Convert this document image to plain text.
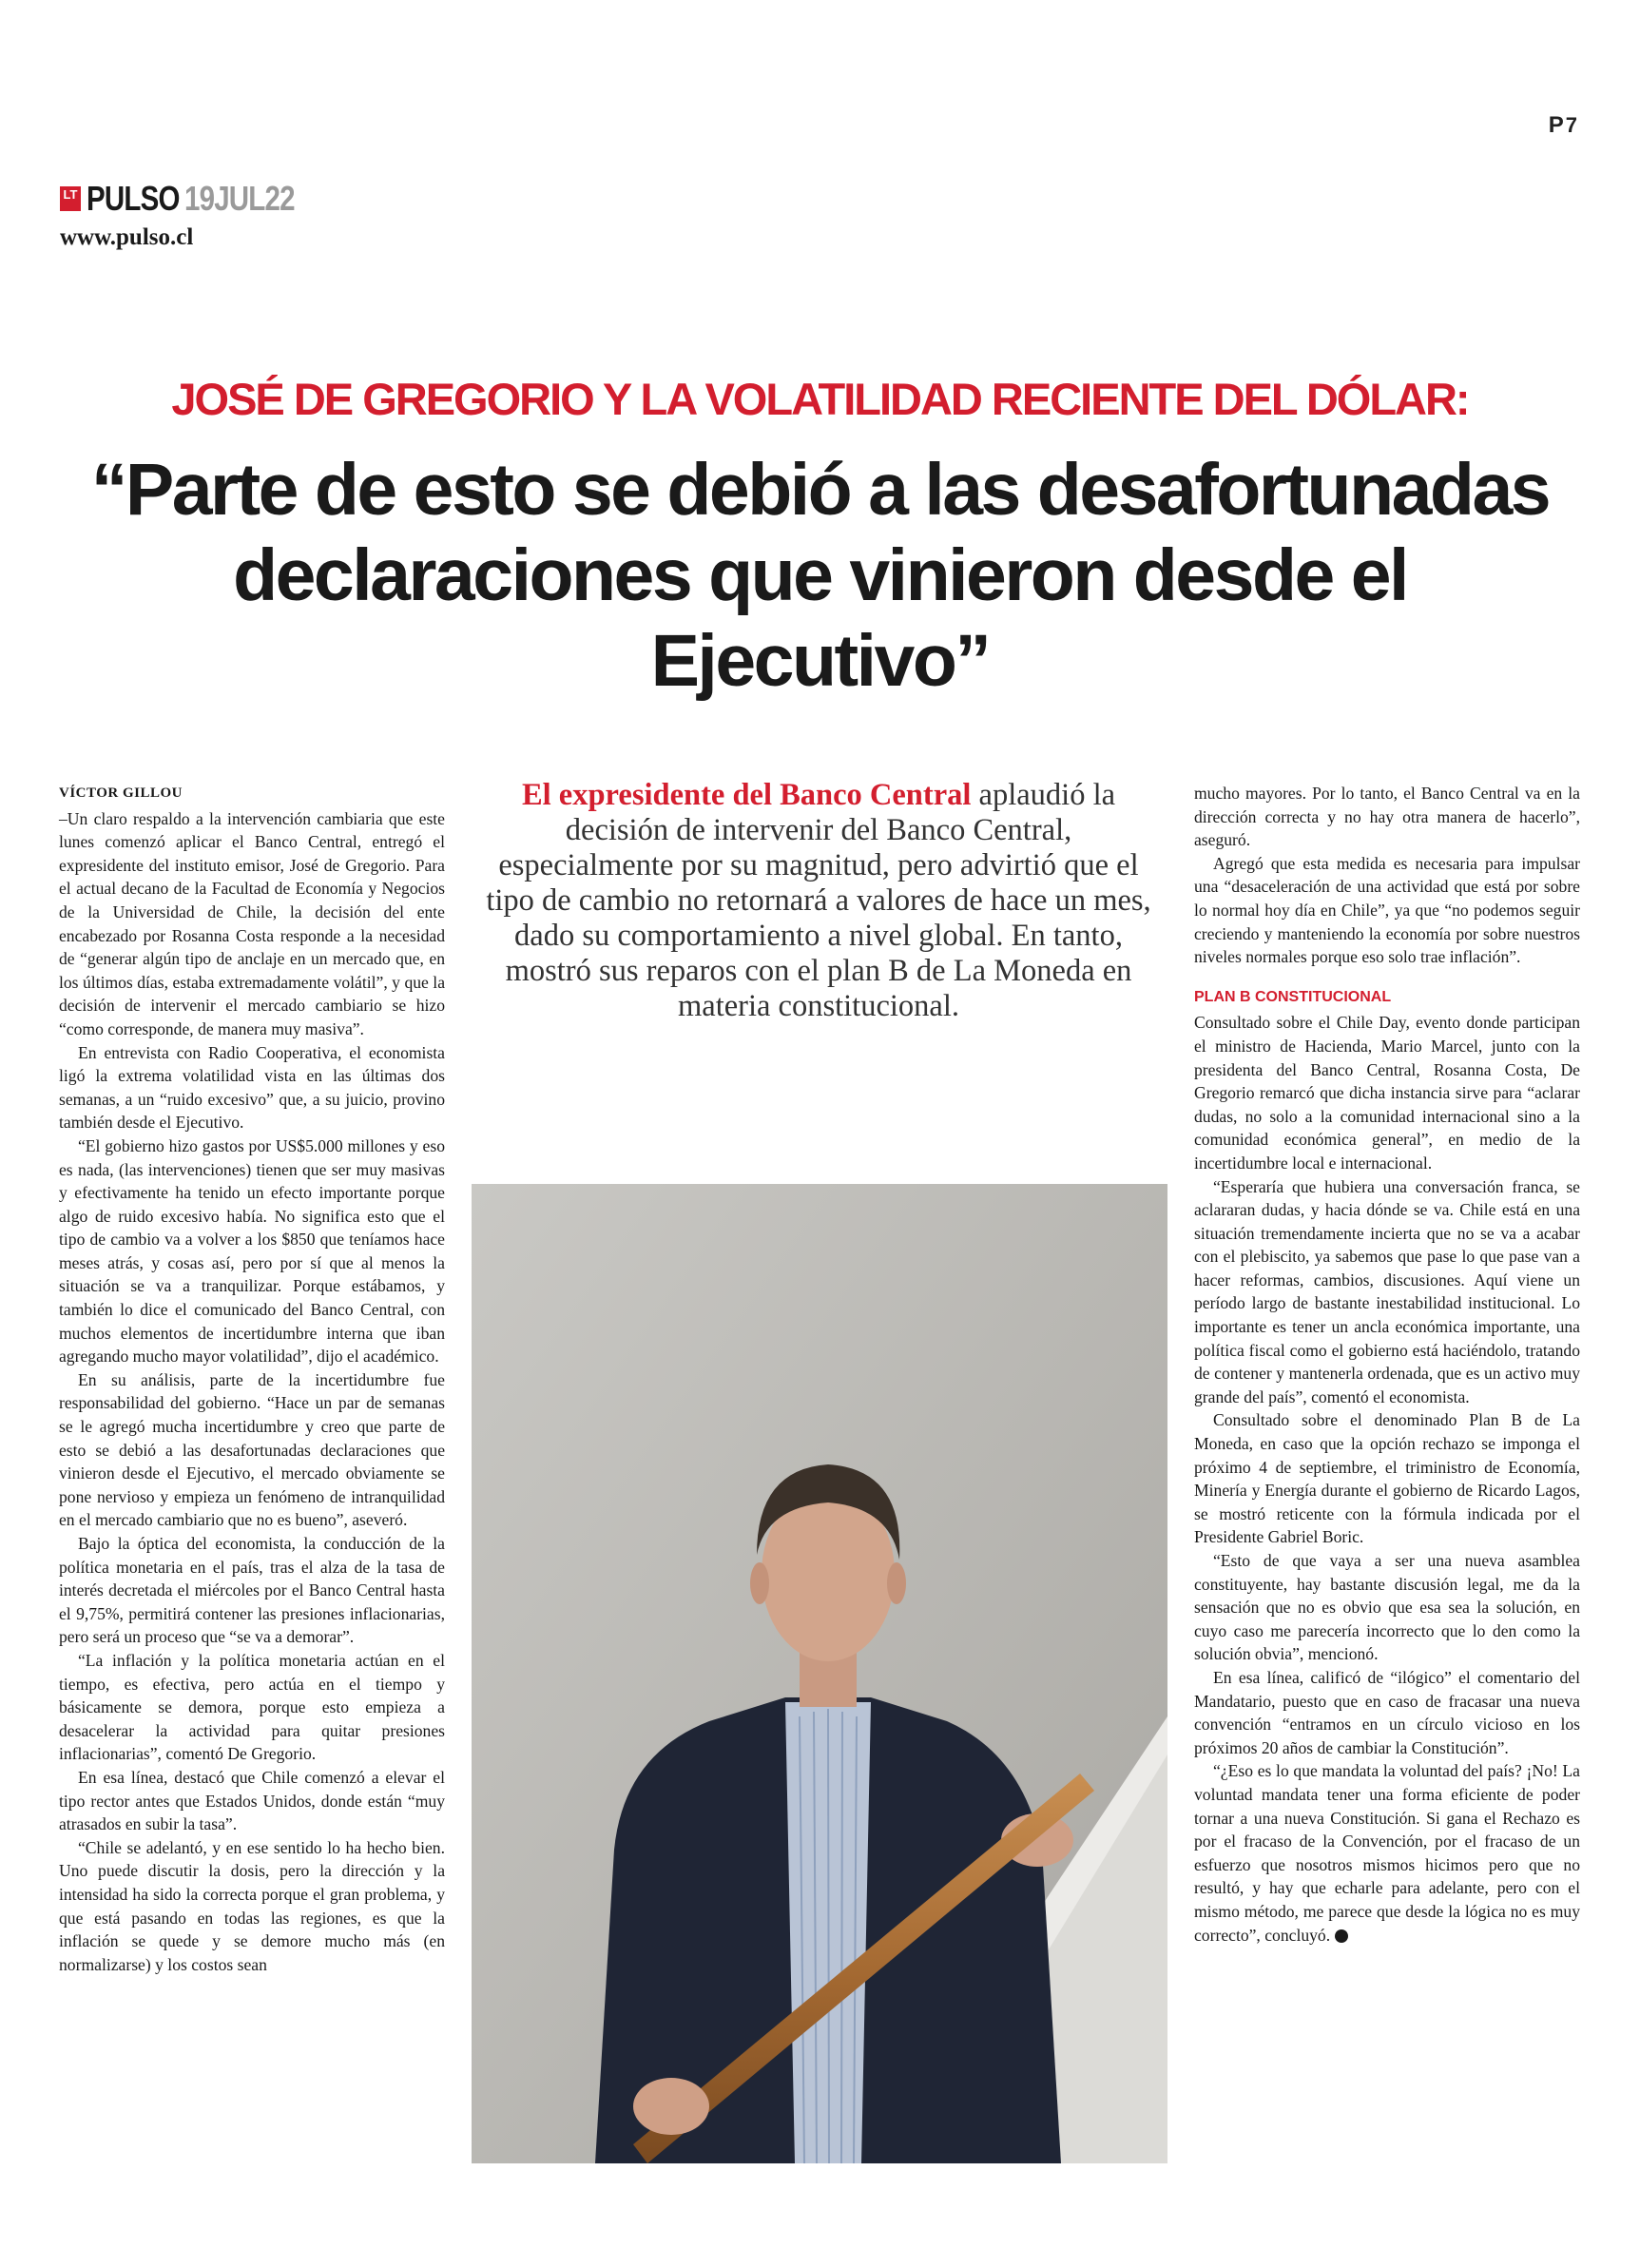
P7
LT PULSO 19JUL22
www.pulso.cl
JOSÉ DE GREGORIO Y LA VOLATILIDAD RECIENTE DEL DÓLAR:
“Parte de esto se debió a las desafortunadas declaraciones que vinieron desde el Ejecutivo”
VÍCTOR GILLOU

–Un claro respaldo a la intervención cambiaria que este lunes comenzó aplicar el Banco Central, entregó el expresidente del instituto emisor, José de Gregorio. Para el actual decano de la Facultad de Economía y Negocios de la Universidad de Chile, la decisión del ente encabezado por Rosanna Costa responde a la necesidad de “generar algún tipo de anclaje en un mercado que, en los últimos días, estaba extremadamente volátil”, y que la decisión de intervenir el mercado cambiario se hizo “como corresponde, de manera muy masiva”.

En entrevista con Radio Cooperativa, el economista ligó la extrema volatilidad vista en las últimas dos semanas, a un “ruido excesivo” que, a su juicio, provino también desde el Ejecutivo.

“El gobierno hizo gastos por US$5.000 millones y eso es nada, (las intervenciones) tienen que ser muy masivas y efectivamente ha tenido un efecto importante porque algo de ruido excesivo había. No significa esto que el tipo de cambio va a volver a los $850 que teníamos hace meses atrás, y cosas así, pero por sí que al menos la situación se va a tranquilizar. Porque estábamos, y también lo dice el comunicado del Banco Central, con muchos elementos de incertidumbre interna que iban agregando mucho mayor volatilidad”, dijo el académico.

En su análisis, parte de la incertidumbre fue responsabilidad del gobierno. “Hace un par de semanas se le agregó mucha incertidumbre y creo que parte de esto se debió a las desafortunadas declaraciones que vinieron desde el Ejecutivo, el mercado obviamente se pone nervioso y empieza un fenómeno de intranquilidad en el mercado cambiario que no es bueno”, aseveró.

Bajo la óptica del economista, la conducción de la política monetaria en el país, tras el alza de la tasa de interés decretada el miércoles por el Banco Central hasta el 9,75%, permitirá contener las presiones inflacionarias, pero será un proceso que “se va a demorar”.

“La inflación y la política monetaria actúan en el tiempo, es efectiva, pero actúa en el tiempo y básicamente se demora, porque esto empieza a desacelerar la actividad para quitar presiones inflacionarias”, comentó De Gregorio.

En esa línea, destacó que Chile comenzó a elevar el tipo rector antes que Estados Unidos, donde están “muy atrasados en subir la tasa”.

“Chile se adelantó, y en ese sentido lo ha hecho bien. Uno puede discutir la dosis, pero la dirección y la intensidad ha sido la correcta porque el gran problema, y que está pasando en todas las regiones, es que la inflación se quede y se demore mucho más (en normalizarse) y los costos sean

El expresidente del Banco Central aplaudió la decisión de intervenir del Banco Central, especialmente por su magnitud, pero advirtió que el tipo de cambio no retornará a valores de hace un mes, dado su comportamiento a nivel global. En tanto, mostró sus reparos con el plan B de La Moneda en materia constitucional.

mucho mayores. Por lo tanto, el Banco Central va en la dirección correcta y no hay otra manera de hacerlo”, aseguró.

Agregó que esta medida es necesaria para impulsar una “desaceleración de una actividad que está por sobre lo normal hoy día en Chile”, ya que “no podemos seguir creciendo y manteniendo la economía por sobre nuestros niveles normales porque eso solo trae inflación”.

PLAN B CONSTITUCIONAL

Consultado sobre el Chile Day, evento donde participan el ministro de Hacienda, Mario Marcel, junto con la presidenta del Banco Central, Rosanna Costa, De Gregorio remarcó que dicha instancia sirve para “aclarar dudas, no solo a la comunidad internacional sino a la comunidad económica general”, en medio de la incertidumbre local e internacional.

“Esperaría que hubiera una conversación franca, se aclararan dudas, y hacia dónde se va. Chile está en una situación tremendamente incierta que no se va a acabar con el plebiscito, ya sabemos que pase lo que pase van a hacer reformas, cambios, discusiones. Aquí viene un período largo de bastante inestabilidad institucional. Lo importante es tener un ancla económica importante, una política fiscal como el gobierno está haciéndolo, tratando de contener y mantenerla ordenada, que es un activo muy grande del país”, comentó el economista.

Consultado sobre el denominado Plan B de La Moneda, en caso que la opción rechazo se imponga el próximo 4 de septiembre, el triministro de Economía, Minería y Energía durante el gobierno de Ricardo Lagos, se mostró reticente con la fórmula indicada por el Presidente Gabriel Boric.

“Esto de que vaya a ser una nueva asamblea constituyente, hay bastante discusión legal, me da la sensación que no es obvio que esa sea la solución, en cuyo caso me parecería incorrecto que lo den como la solución obvia”, mencionó.

En esa línea, calificó de “ilógico” el comentario del Mandatario, puesto que en caso de fracasar una nueva convención “entramos en un círculo vicioso en los próximos 20 años de cambiar la Constitución”.

“¿Eso es lo que mandata la voluntad del país? ¡No! La voluntad mandata tener una forma eficiente de poder tornar a una nueva Constitución. Si gana el Rechazo es por el fracaso de la Convención, por el fracaso de un esfuerzo que nosotros mismos hicimos pero que no resultó, y hay que echarle para adelante, pero con el mismo método, me parece que desde la lógica no es muy correcto”, concluyó. P
